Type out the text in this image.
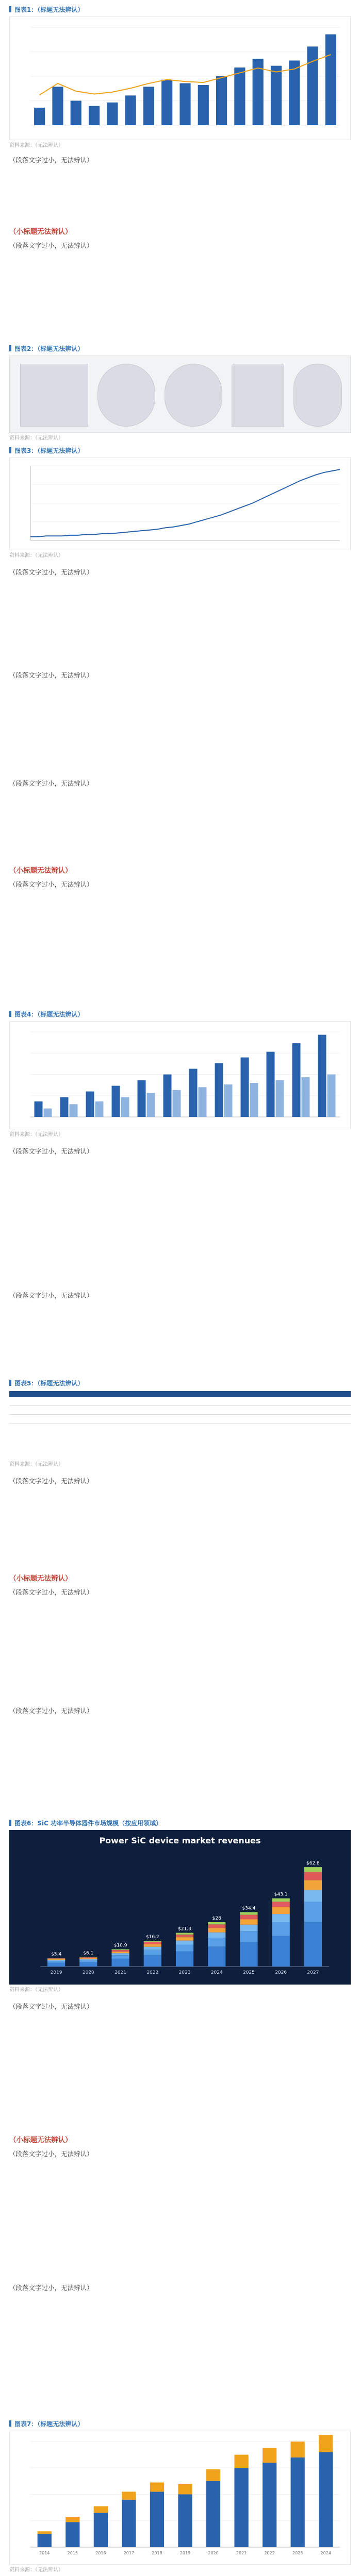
图表1：（标题无法辨认）
资料来源：（无法辨认）

（段落文字过小，无法辨认）

（小标题无法辨认）

（段落文字过小，无法辨认）

图表2：（标题无法辨认）
资料来源：（无法辨认）
图表3：（标题无法辨认）
资料来源：（无法辨认）

（段落文字过小，无法辨认）

（段落文字过小，无法辨认）

（段落文字过小，无法辨认）

（小标题无法辨认）

（段落文字过小，无法辨认）

图表4：（标题无法辨认）
资料来源：（无法辨认）

（段落文字过小，无法辨认）

（段落文字过小，无法辨认）

图表5：（标题无法辨认）

资料来源：（无法辨认）

（段落文字过小，无法辨认）

（小标题无法辨认）

（段落文字过小，无法辨认）

（段落文字过小，无法辨认）

图表6：SiC 功率半导体器件市场规模（按应用领域）
Power SiC device market revenues
$5.4
2019
$6.1
2020
$10.9
2021
$16.2
2022
$21.3
2023
$28
2024
$34.4
2025
$43.1
2026
$62.8
2027
资料来源：（无法辨认）

（段落文字过小，无法辨认）

（小标题无法辨认）

（段落文字过小，无法辨认）

（段落文字过小，无法辨认）

图表7：（标题无法辨认）
2014	2015	2016	2017	2018	2019	2020	2021	2022	2023	2024
资料来源：（无法辨认）
